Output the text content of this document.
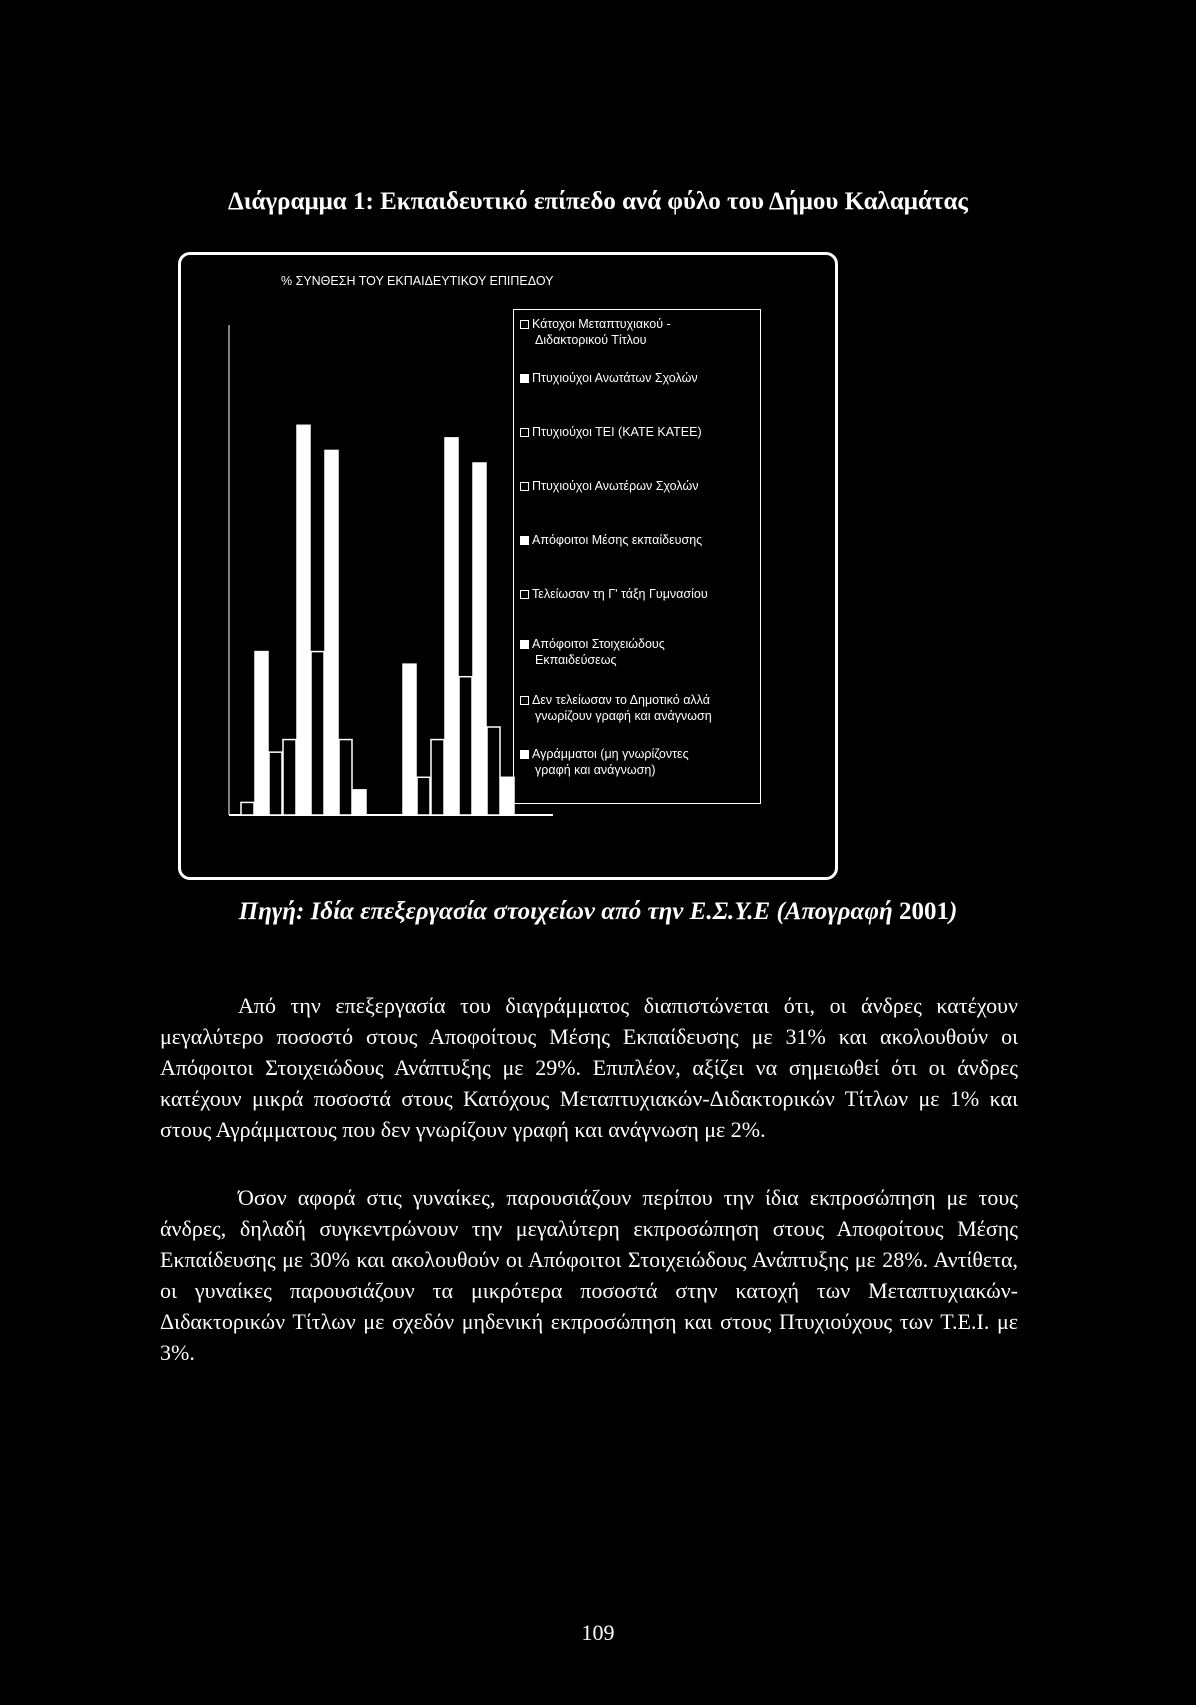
Διάγραμμα 1: Εκπαιδευτικό επίπεδο ανά φύλο του Δήμου Καλαμάτας
% ΣΥΝΘΕΣΗ ΤΟΥ ΕΚΠΑΙΔΕΥΤΙΚΟΥ ΕΠΙΠΕΔΟΥ
Κάτοχοι Μεταπτυχιακού -
Διδακτορικού Τίτλου
Πτυχιούχοι Ανωτάτων Σχολών
Πτυχιούχοι ΤΕΙ (ΚΑΤΕ ΚΑΤΕΕ)
Πτυχιούχοι Ανωτέρων Σχολών
Απόφοιτοι Μέσης εκπαίδευσης
Τελείωσαν τη Γ' τάξη Γυμνασίου
Απόφοιτοι Στοιχειώδους
Εκπαιδεύσεως
Δεν τελείωσαν το Δημοτικό αλλά
γνωρίζουν γραφή και ανάγνωση
Αγράμματοι (μη γνωρίζοντες
γραφή και ανάγνωση)
Πηγή: Ιδία επεξεργασία στοιχείων από την Ε.Σ.Υ.Ε (Απογραφή 2001)
Από την επεξεργασία του διαγράμματος διαπιστώνεται ότι, οι άνδρες κατέχουν μεγαλύτερο ποσοστό στους Αποφοίτους Μέσης Εκπαίδευσης με 31% και ακολουθούν οι Απόφοιτοι Στοιχειώδους Ανάπτυξης με 29%. Επιπλέον, αξίζει να σημειωθεί ότι οι άνδρες κατέχουν μικρά ποσοστά στους Κατόχους Μεταπτυχιακών-Διδακτορικών Τίτλων με 1% και στους Αγράμματους που δεν γνωρίζουν γραφή και ανάγνωση με 2%.
Όσον αφορά στις γυναίκες, παρουσιάζουν περίπου την ίδια εκπροσώπηση με τους άνδρες, δηλαδή συγκεντρώνουν την μεγαλύτερη εκπροσώπηση στους Αποφοίτους Μέσης Εκπαίδευσης με 30% και ακολουθούν οι Απόφοιτοι Στοιχειώδους Ανάπτυξης με 28%. Αντίθετα, οι γυναίκες παρουσιάζουν τα μικρότερα ποσοστά στην κατοχή των Μεταπτυχιακών-Διδακτορικών Τίτλων με σχεδόν μηδενική εκπροσώπηση και στους Πτυχιούχους των Τ.Ε.Ι. με 3%.
109
